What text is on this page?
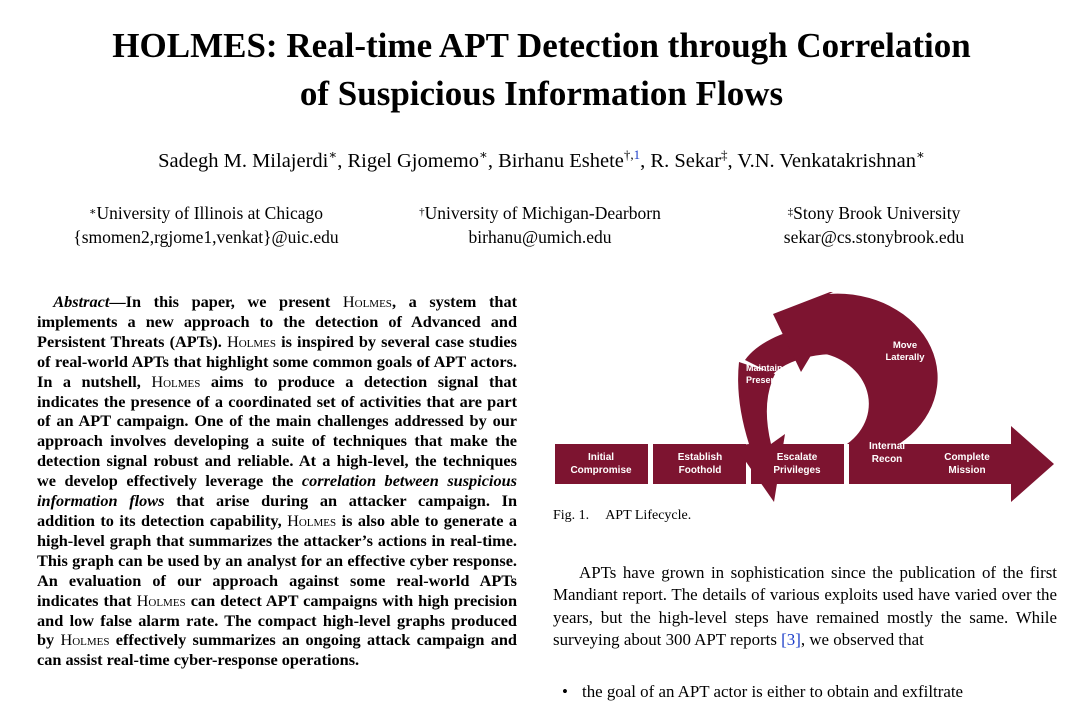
HOLMES: Real-time APT Detection through Correlation
of Suspicious Information Flows
Sadegh M. Milajerdi∗, Rigel Gjomemo∗, Birhanu Eshete$^{\dagger,1}$, R. Sekar‡, V.N. Venkatakrishnan∗
∗University of Illinois at Chicago
{smomen2,rgjome1,venkat}@uic.edu
†University of Michigan-Dearborn
birhanu@umich.edu
‡Stony Brook University
sekar@cs.stonybrook.edu

 Abstract—In this paper, we present Holmes, a system that implements a new approach to the detection of Advanced and Persistent Threats (APTs). Holmes is inspired by several case studies of real-world APTs that highlight some common goals of APT actors. In a nutshell, Holmes aims to produce a detection signal that indicates the presence of a coordinated set of activities that are part of an APT campaign. One of the main challenges addressed by our approach involves developing a suite of techniques that make the detection signal robust and reliable. At a high-level, the techniques we develop effectively leverage the correlation between suspicious information flows that arise during an attacker campaign. In addition to its detection capability, Holmes is also able to generate a high-level graph that summarizes the attacker’s actions in real-time. This graph can be used by an analyst for an effective cyber response. An evaluation of our approach against some real-world APTs indicates that Holmes can detect APT campaigns with high precision and low false alarm rate. The compact high-level graphs produced by Holmes effectively summarizes an ongoing attack campaign and can assist real-time cyber-response operations.

Initial Compromise
Establish Foothold
Escalate Privileges
Internal Recon	Complete Mission
Maintain Presence
Move Laterally
Fig. 1. APT Lifecycle.

APTs have grown in sophistication since the publication of the first Mandiant report. The details of various exploits used have varied over the years, but the high-level steps have remained mostly the same. While surveying about 300 APT reports [3], we observed that

• the goal of an APT actor is either to obtain and exfiltrate
